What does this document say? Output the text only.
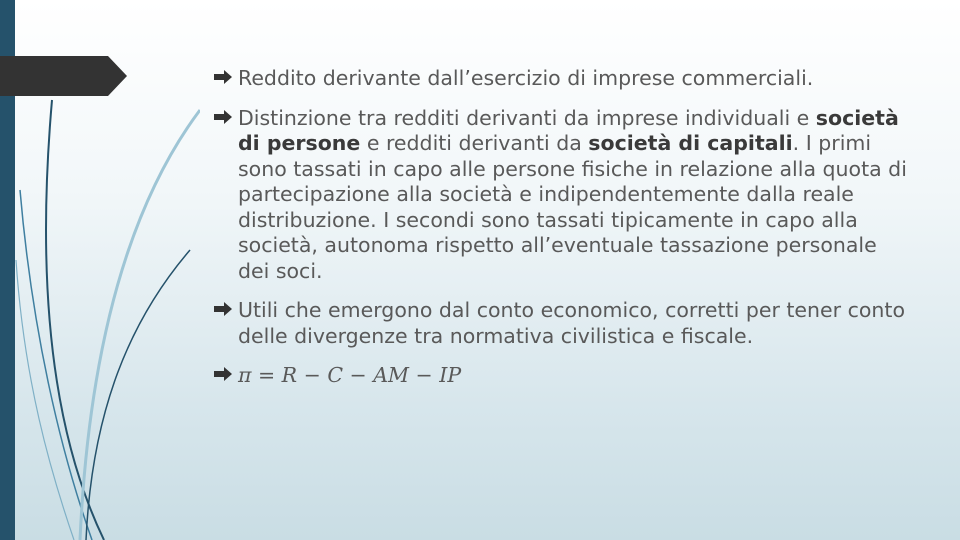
Reddito derivante dall’esercizio di imprese commerciali.
Distinzione tra redditi derivanti da imprese individuali e società di persone e redditi derivanti da società di capitali. I primi sono tassati in capo alle persone fisiche in relazione alla quota di partecipazione alla società e indipendentemente dalla reale distribuzione. I secondi sono tassati tipicamente in capo alla società, autonoma rispetto all’eventuale tassazione personale dei soci.
Utili che emergono dal conto economico, corretti per tener conto delle divergenze tra normativa civilistica e fiscale.
π = R − C − AM − IP
